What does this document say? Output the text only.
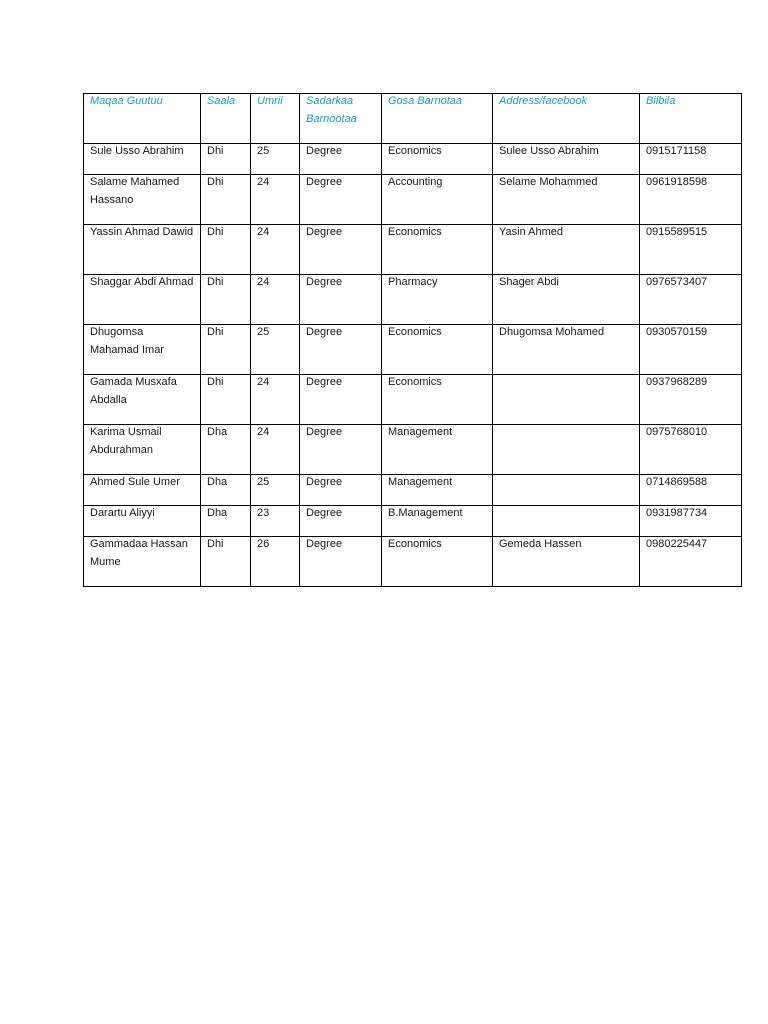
Maqaa Guutuu	Saala	Umrii	Sadarkaa Barnootaa	Gosa Barnotaa	Address/facebook	Bilbila

Sule Usso Abrahim	Dhi	25	Degree	Economics	Sulee Usso Abrahim	0915171158

Salame Mahamed Hassano	Dhi	24	Degree	Accounting	Selame Mohammed	0961918598

Yassin Ahmad Dawid	Dhi	24	Degree	Economics	Yasin Ahmed	0915589515

Shaggar Abdi Ahmad	Dhi	24	Degree	Pharmacy	Shager Abdi	0976573407

Dhugomsa Mahamad Imar	Dhi	25	Degree	Economics	Dhugomsa Mohamed	0930570159

Gamada Musxafa Abdalla	Dhi	24	Degree	Economics		0937968289

Karima Usmail Abdurahman	Dha	24	Degree	Management		0975768010

Ahmed Sule Umer	Dha	25	Degree	Management		0714869588

Darartu Aliyyi	Dha	23	Degree	B.Management		0931987734

Gammadaa Hassan Mume	Dhi	26	Degree	Economics	Gemeda Hassen	0980225447
